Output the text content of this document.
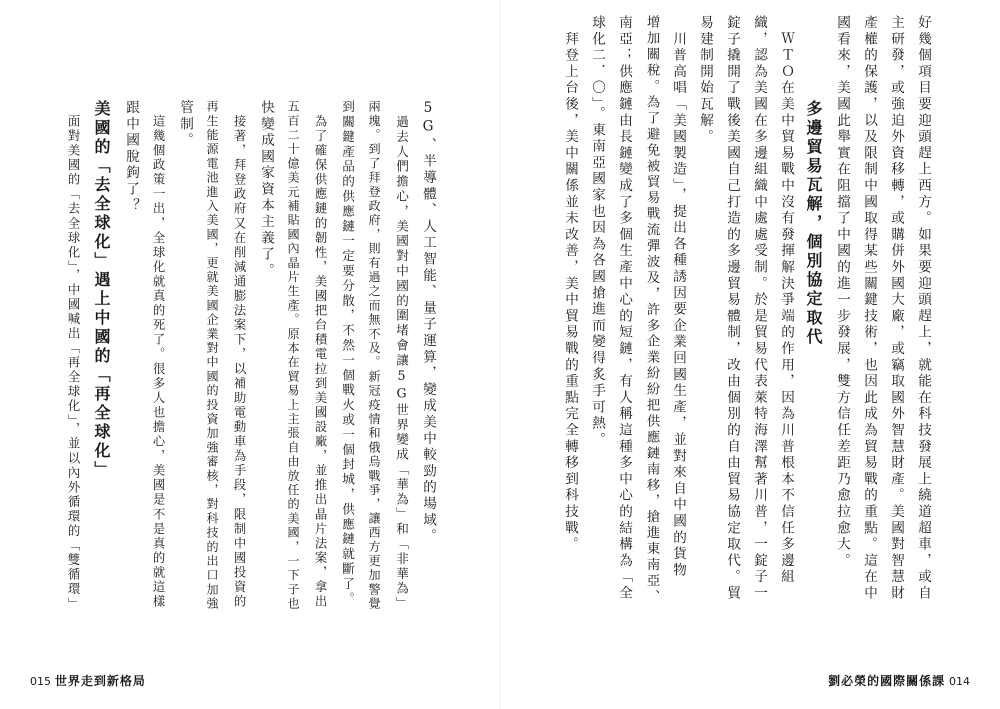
5G、半導體、人工智能、量子運算，變成美中較勁的場域。
　過去人們擔心，美國對中國的圍堵會讓5G世界變成「華為」和「非華為」
兩塊。到了拜登政府，則有過之而無不及。新冠疫情和俄烏戰爭，讓西方更加警覺
到關鍵產品的供應鏈一定要分散，不然一個戰火或一個封城，供應鏈就斷了。
　為了確保供應鏈的韌性，美國把台積電拉到美國設廠，並推出晶片法案，拿出
五百二十億美元補貼國內晶片生產。原本在貿易上主張自由放任的美國，一下子也
快變成國家資本主義了。
　接著，拜登政府又在削減通膨法案下，以補助電動車為手段，限制中國投資的
再生能源電池進入美國，更就美國企業對中國的投資加強審核，對科技的出口加強
管制。
　這幾個政策一出，全球化就真的死了。很多人也擔心，美國是不是真的就這樣
跟中國脫鉤了？
美國的「去全球化」遇上中國的「再全球化」
　面對美國的「去全球化」，中國喊出「再全球化」，並以內外循環的「雙循環」
015 世界走到新格局
好幾個項目要迎頭趕上西方。如果要迎頭趕上，就能在科技發展上繞道超車，或自
主研發，或強迫外資移轉，或購併外國大廠，或竊取國外智慧財產。美國對智慧財
產權的保護，以及限制中國取得某些關鍵技術，也因此成為貿易戰的重點。這在中
國看來，美國此舉實在阻擋了中國的進一步發展，雙方信任差距乃愈拉愈大。
多邊貿易瓦解，個別協定取代
　ＷＴＯ在美中貿易戰中沒有發揮解決爭端的作用，因為川普根本不信任多邊組
織，認為美國在多邊組織中處處受制。於是貿易代表萊特海澤幫著川普，一錠子一
錠子撬開了戰後美國自己打造的多邊貿易體制，改由個別的自由貿易協定取代。貿
易建制開始瓦解。
　川普高唱「美國製造」，提出各種誘因要企業回國生產，並對來自中國的貨物
增加關稅。為了避免被貿易戰流彈波及，許多企業紛紛把供應鏈南移，搶進東南亞、
南亞；供應鏈由長鏈變成了多個生產中心的短鏈，有人稱這種多中心的結構為「全
球化二．〇」。東南亞國家也因為各國搶進而變得炙手可熱。
　拜登上台後，美中關係並未改善，美中貿易戰的重點完全轉移到科技戰。
劉必榮的國際關係課 014
